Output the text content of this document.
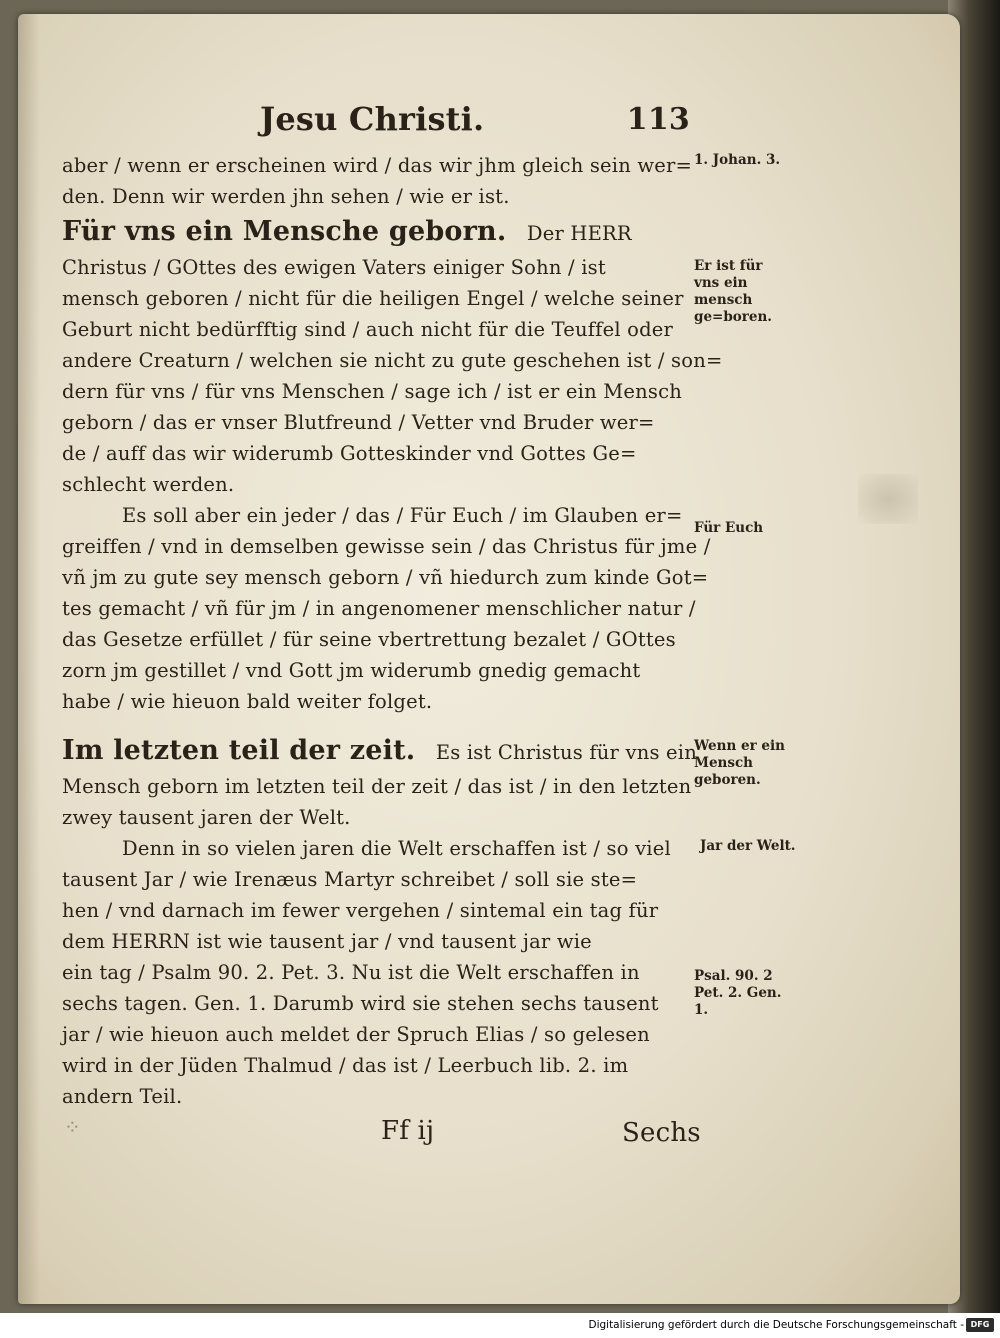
Jesu Christi.	113
aber / wenn er erscheinen wird / das wir jhm gleich sein wer=
den. Denn wir werden jhn sehen / wie er ist.
Für vns ein Mensche geborn. Der HERR
Christus / GOttes des ewigen Vaters einiger Sohn / ist
mensch geboren / nicht für die heiligen Engel / welche seiner
Geburt nicht bedürfftig sind / auch nicht für die Teuffel oder
andere Creaturn / welchen sie nicht zu gute geschehen ist / son=
dern für vns / für vns Menschen / sage ich / ist er ein Mensch
geborn / das er vnser Blutfreund / Vetter vnd Bruder wer=
de / auff das wir widerumb Gotteskinder vnd Gottes Ge=
schlecht werden.
Es soll aber ein jeder / das / Für Euch / im Glauben er=
greiffen / vnd in demselben gewisse sein / das Christus für jme /
vñ jm zu gute sey mensch geborn / vñ hiedurch zum kinde Got=
tes gemacht / vñ für jm / in angenomener menschlicher natur /
das Gesetze erfüllet / für seine vbertrettung bezalet / GOttes
zorn jm gestillet / vnd Gott jm widerumb gnedig gemacht
habe / wie hieuon bald weiter folget.
Im letzten teil der zeit. Es ist Christus für vns ein
Mensch geborn im letzten teil der zeit / das ist / in den letzten
zwey tausent jaren der Welt.
Denn in so vielen jaren die Welt erschaffen ist / so viel
tausent Jar / wie Irenæus Martyr schreibet / soll sie ste=
hen / vnd darnach im fewer vergehen / sintemal ein tag für
dem HERRN ist wie tausent jar / vnd tausent jar wie
ein tag / Psalm 90. 2. Pet. 3. Nu ist die Welt erschaffen in
sechs tagen. Gen. 1. Darumb wird sie stehen sechs tausent
jar / wie hieuon auch meldet der Spruch Elias / so gelesen
wird in der Jüden Thalmud / das ist / Leerbuch lib. 2. im
andern Teil.
1. Johan. 3.
Er ist für vns ein mensch ge=boren.
Für Euch
Wenn er ein Mensch geboren.
Jar der Welt.
Psal. 90. 2 Pet. 2. Gen. 1.
⁘	Ff ij	Sechs
Digitalisierung gefördert durch die Deutsche Forschungsgemeinschaft - DFG
